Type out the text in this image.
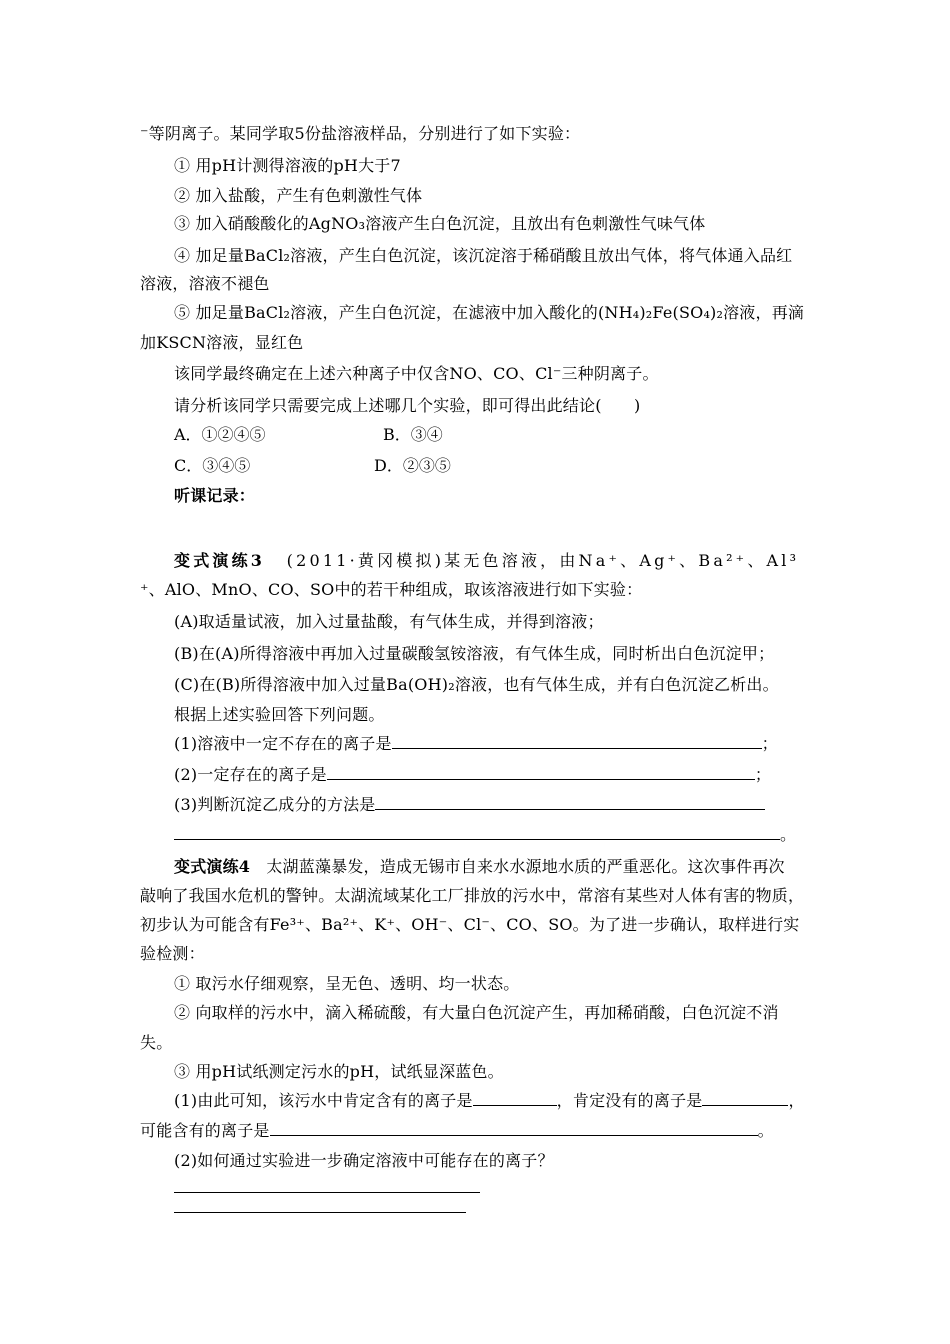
⁻等阴离子。某同学取5份盐溶液样品，分别进行了如下实验：
① 用pH计测得溶液的pH大于7
② 加入盐酸，产生有色刺激性气体
③ 加入硝酸酸化的AgNO₃溶液产生白色沉淀，且放出有色刺激性气味气体
④ 加足量BaCl₂溶液，产生白色沉淀，该沉淀溶于稀硝酸且放出气体，将气体通入品红
溶液，溶液不褪色
⑤ 加足量BaCl₂溶液，产生白色沉淀，在滤液中加入酸化的(NH₄)₂Fe(SO₄)₂溶液，再滴
加KSCN溶液，显红色
该同学最终确定在上述六种离子中仅含NO、CO、Cl⁻三种阴离子。
请分析该同学只需要完成上述哪几个实验，即可得出此结论(　　)
A．①②④⑤	B．③④
C．③④⑤	D．②③⑤
听课记录：
变式演练3　 (2011·黄冈模拟)某无色溶液，由Na⁺、Ag⁺、Ba²⁺、Al³
⁺、AlO、MnO、CO、SO中的若干种组成，取该溶液进行如下实验：
(A)取适量试液，加入过量盐酸，有气体生成，并得到溶液；
(B)在(A)所得溶液中再加入过量碳酸氢铵溶液，有气体生成，同时析出白色沉淀甲；
(C)在(B)所得溶液中加入过量Ba(OH)₂溶液，也有气体生成，并有白色沉淀乙析出。
根据上述实验回答下列问题。
(1)溶液中一定不存在的离子是	；
(2)一定存在的离子是	；
(3)判断沉淀乙成分的方法是
。
变式演练4　 太湖蓝藻暴发，造成无锡市自来水水源地水质的严重恶化。这次事件再次
敲响了我国水危机的警钟。太湖流域某化工厂排放的污水中，常溶有某些对人体有害的物质，
初步认为可能含有Fe³⁺、Ba²⁺、K⁺、OH⁻、Cl⁻、CO、SO。为了进一步确认，取样进行实
验检测：
① 取污水仔细观察，呈无色、透明、均一状态。
② 向取样的污水中，滴入稀硫酸，有大量白色沉淀产生，再加稀硝酸，白色沉淀不消
失。
③ 用pH试纸测定污水的pH，试纸显深蓝色。
(1)由此可知，该污水中肯定含有的离子是	，肯定没有的离子是	，
可能含有的离子是	。
(2)如何通过实验进一步确定溶液中可能存在的离子？
